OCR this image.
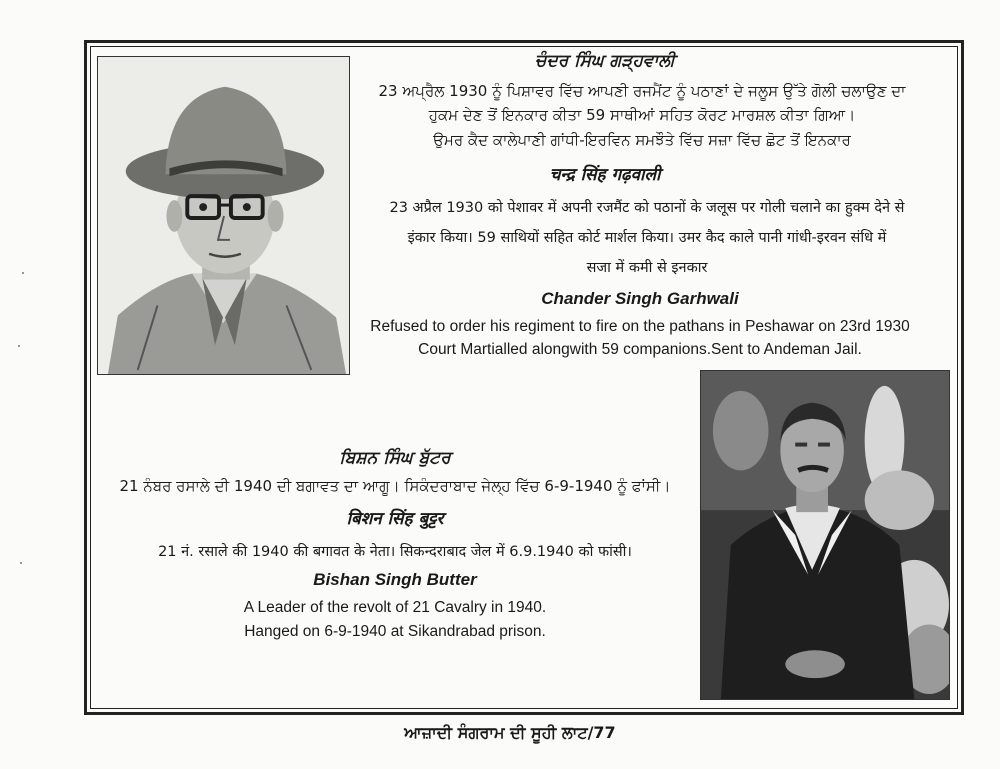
ਚੰਦਰ ਸਿੰਘ ਗੜ੍ਹਵਾਲੀ
23 ਅਪ੍ਰੈਲ 1930 ਨੂੰ ਪਿਸ਼ਾਵਰ ਵਿੱਚ ਆਪਣੀ ਰਜਮੈਂਟ ਨੂੰ ਪਠਾਣਾਂ ਦੇ ਜਲੂਸ ਉੱਤੇ ਗੋਲੀ ਚਲਾਉਣ ਦਾ
ਹੁਕਮ ਦੇਣ ਤੋਂ ਇਨਕਾਰ ਕੀਤਾ 59 ਸਾਥੀਆਂ ਸਹਿਤ ਕੋਰਟ ਮਾਰਸ਼ਲ ਕੀਤਾ ਗਿਆ।
ਉਮਰ ਕੈਦ ਕਾਲੇਪਾਣੀ ਗਾਂਧੀ-ਇਰਵਿਨ ਸਮਝੌਤੇ ਵਿੱਚ ਸਜ਼ਾ ਵਿੱਚ ਛੋਟ ਤੋਂ ਇਨਕਾਰ
चन्द्र सिंह गढ़वाली
23 अप्रैल 1930 को पेशावर में अपनी रजमैंट को पठानों के जलूस पर गोली चलाने का हुक्म देने से
इंकार किया। 59 साथियों सहित कोर्ट मार्शल किया। उमर कैद काले पानी गांधी-इरवन संधि में
सजा में कमी से इनकार
Chander Singh Garhwali
Refused to order his regiment to fire on the pathans in Peshawar on 23rd 1930
Court Martialled alongwith 59 companions.Sent to Andeman Jail.
ਬਿਸ਼ਨ ਸਿੰਘ ਬੁੱਟਰ
21 ਨੰਬਰ ਰਸਾਲੇ ਦੀ 1940 ਦੀ ਬਗਾਵਤ ਦਾ ਆਗੂ। ਸਿਕੰਦਰਾਬਾਦ ਜੇਲ੍ਹ ਵਿੱਚ 6-9-1940 ਨੂੰ ਫਾਂਸੀ।
बिशन सिंह बुट्टर
21 नं. रसाले की 1940 की बगावत के नेता। सिकन्दराबाद जेल में 6.9.1940 को फांसी।
Bishan Singh Butter
A Leader of the revolt of 21 Cavalry in 1940.
Hanged on 6-9-1940 at Sikandrabad prison.
ਆਜ਼ਾਦੀ ਸੰਗਰਾਮ ਦੀ ਸੂਹੀ ਲਾਟ/77
